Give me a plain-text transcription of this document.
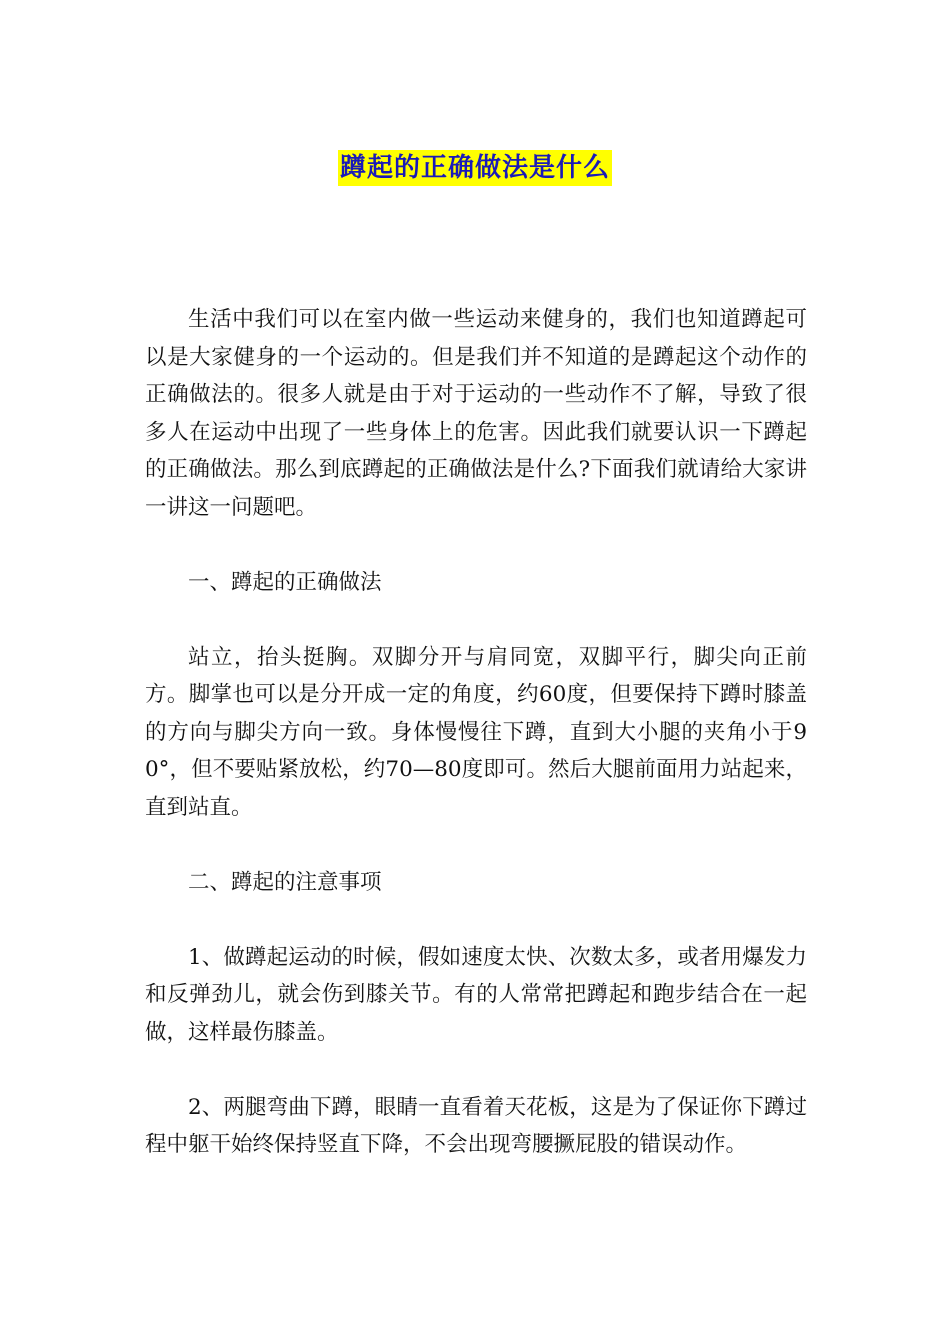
蹲起的正确做法是什么

生活中我们可以在室内做一些运动来健身的，我们也知道蹲起可以是大家健身的一个运动的。但是我们并不知道的是蹲起这个动作的正确做法的。很多人就是由于对于运动的一些动作不了解，导致了很多人在运动中出现了一些身体上的危害。因此我们就要认识一下蹲起的正确做法。那么到底蹲起的正确做法是什么?下面我们就请给大家讲一讲这一问题吧。

一、蹲起的正确做法

站立，抬头挺胸。双脚分开与肩同宽，双脚平行，脚尖向正前方。脚掌也可以是分开成一定的角度，约60度，但要保持下蹲时膝盖的方向与脚尖方向一致。身体慢慢往下蹲，直到大小腿的夹角小于90°，但不要贴紧放松，约70—80度即可。然后大腿前面用力站起来，直到站直。

二、蹲起的注意事项

1、做蹲起运动的时候，假如速度太快、次数太多，或者用爆发力和反弹劲儿，就会伤到膝关节。有的人常常把蹲起和跑步结合在一起做，这样最伤膝盖。

2、两腿弯曲下蹲，眼睛一直看着天花板，这是为了保证你下蹲过程中躯干始终保持竖直下降，不会出现弯腰撅屁股的错误动作。
